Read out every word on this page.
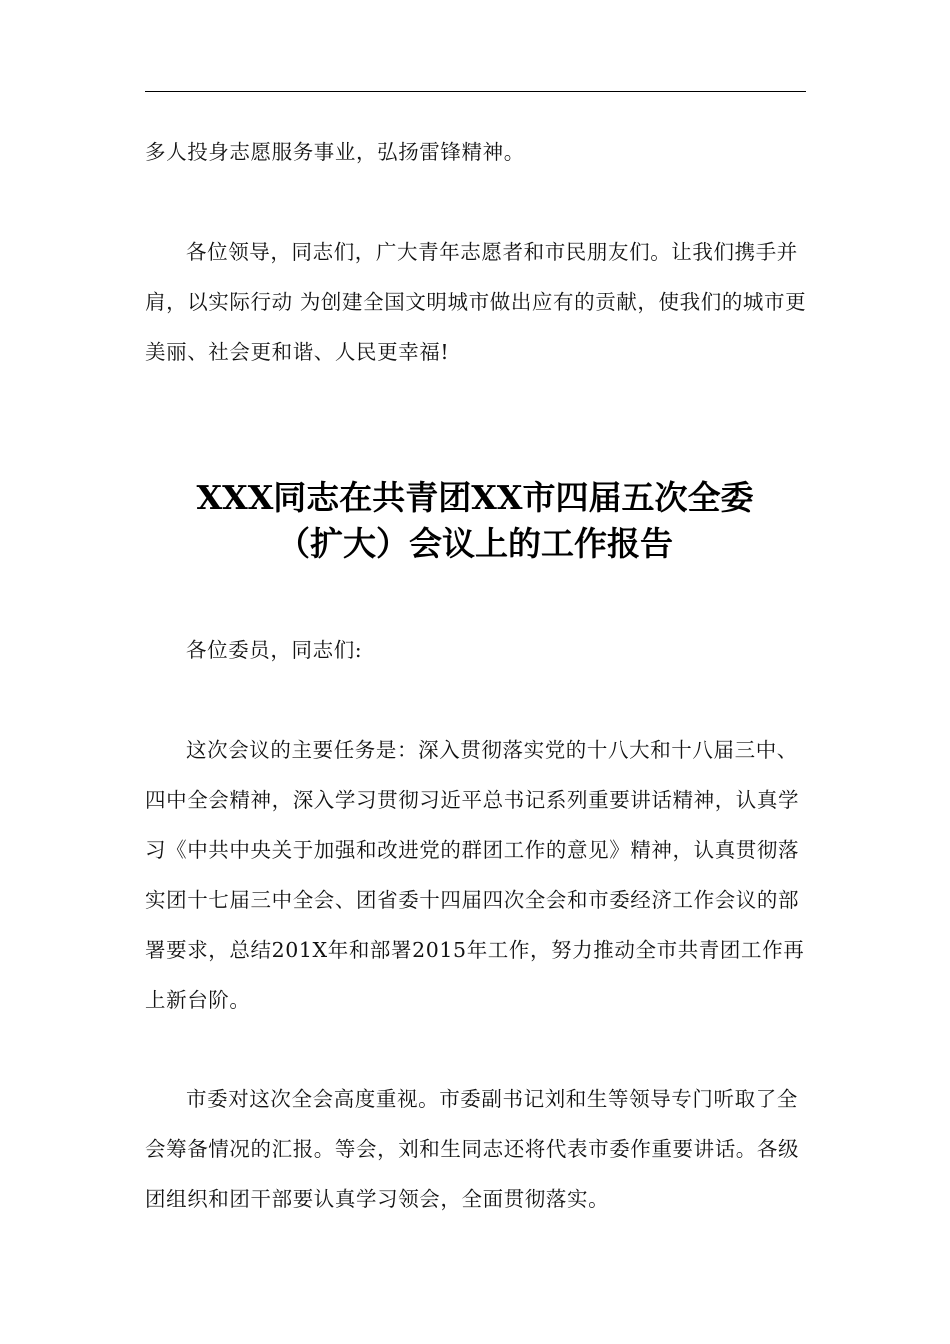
多人投身志愿服务事业，弘扬雷锋精神。

各位领导，同志们，广大青年志愿者和市民朋友们。让我们携手并肩，以实际行动 为创建全国文明城市做出应有的贡献，使我们的城市更美丽、社会更和谐、人民更幸福!

XXX同志在共青团XX市四届五次全委
（扩大）会议上的工作报告

各位委员，同志们:

这次会议的主要任务是：深入贯彻落实党的十八大和十八届三中、四中全会精神，深入学习贯彻习近平总书记系列重要讲话精神，认真学习《中共中央关于加强和改进党的群团工作的意见》精神，认真贯彻落实团十七届三中全会、团省委十四届四次全会和市委经济工作会议的部署要求，总结201X年和部署2015年工作，努力推动全市共青团工作再上新台阶。

市委对这次全会高度重视。市委副书记刘和生等领导专门听取了全会筹备情况的汇报。等会，刘和生同志还将代表市委作重要讲话。各级团组织和团干部要认真学习领会，全面贯彻落实。
